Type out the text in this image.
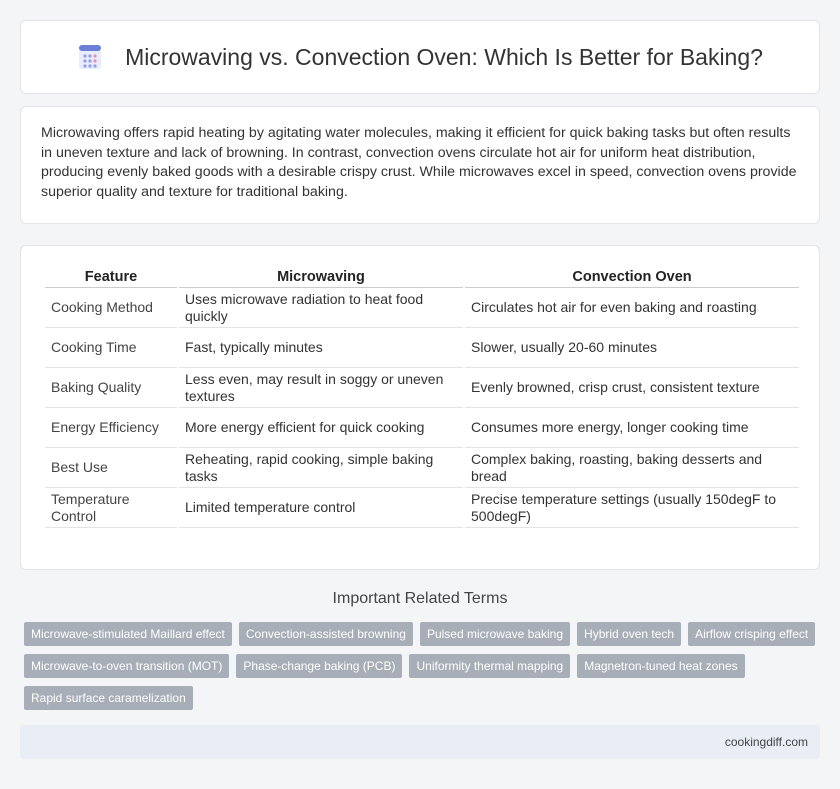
Microwaving vs. Convection Oven: Which Is Better for Baking?

Microwaving offers rapid heating by agitating water molecules, making it efficient for quick baking tasks but often results in uneven texture and lack of browning. In contrast, convection ovens circulate hot air for uniform heat distribution, producing evenly baked goods with a desirable crispy crust. While microwaves excel in speed, convection ovens provide superior quality and texture for traditional baking.

Feature	Microwaving	Convection Oven
Cooking Method	Uses microwave radiation to heat food quickly	Circulates hot air for even baking and roasting
Cooking Time	Fast, typically minutes	Slower, usually 20-60 minutes
Baking Quality	Less even, may result in soggy or uneven textures	Evenly browned, crisp crust, consistent texture
Energy Efficiency	More energy efficient for quick cooking	Consumes more energy, longer cooking time
Best Use	Reheating, rapid cooking, simple baking tasks	Complex baking, roasting, baking desserts and bread
Temperature Control	Limited temperature control	Precise temperature settings (usually 150degF to 500degF)
Important Related Terms
Microwave-stimulated Maillard effect	Convection-assisted browning	Pulsed microwave baking	Hybrid oven tech	Airflow crisping effect
Microwave-to-oven transition (MOT)	Phase-change baking (PCB)	Uniformity thermal mapping	Magnetron-tuned heat zones
Rapid surface caramelization
cookingdiff.com
